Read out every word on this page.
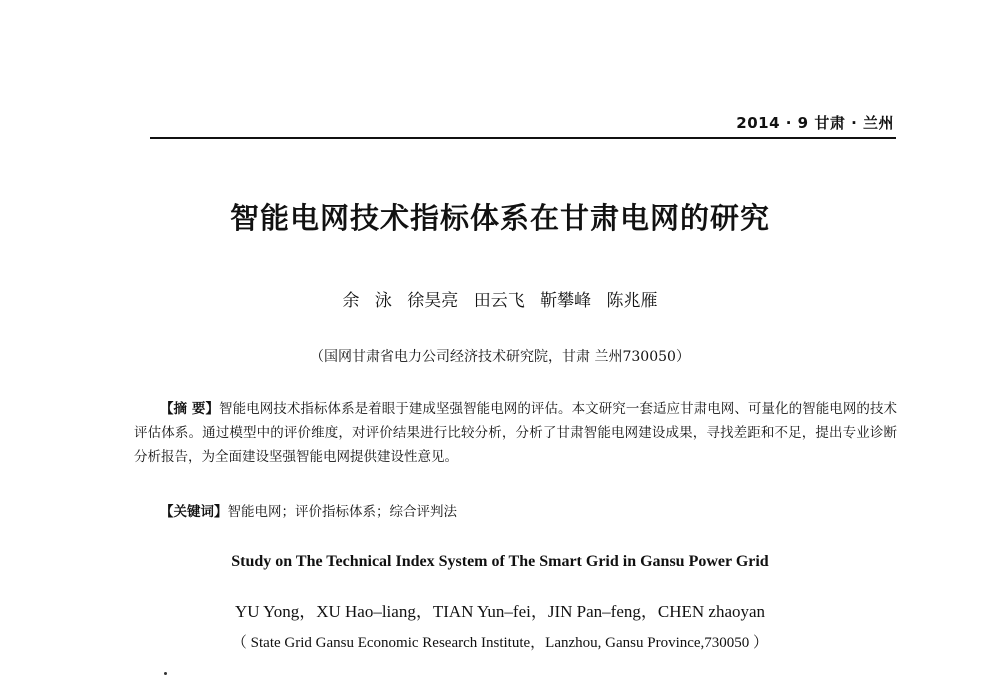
2014 · 9 甘肃 · 兰州
智能电网技术指标体系在甘肃电网的研究
余 泳 徐昊亮 田云飞 靳攀峰 陈兆雁
（国网甘肃省电力公司经济技术研究院，甘肃 兰州730050）
【摘 要】智能电网技术指标体系是着眼于建成坚强智能电网的评估。本文研究一套适应甘肃电网、可量化的智能电网的技术评估体系。通过模型中的评价维度，对评价结果进行比较分析，分析了甘肃智能电网建设成果，寻找差距和不足，提出专业诊断分析报告，为全面建设坚强智能电网提供建设性意见。
【关键词】智能电网；评价指标体系；综合评判法
Study on The Technical Index System of The Smart Grid in Gansu Power Grid
YU Yong，XU Hao–liang，TIAN Yun–fei，JIN Pan–feng，CHEN zhaoyan
（ State Grid Gansu Economic Research Institute，Lanzhou, Gansu Province,730050 ）
